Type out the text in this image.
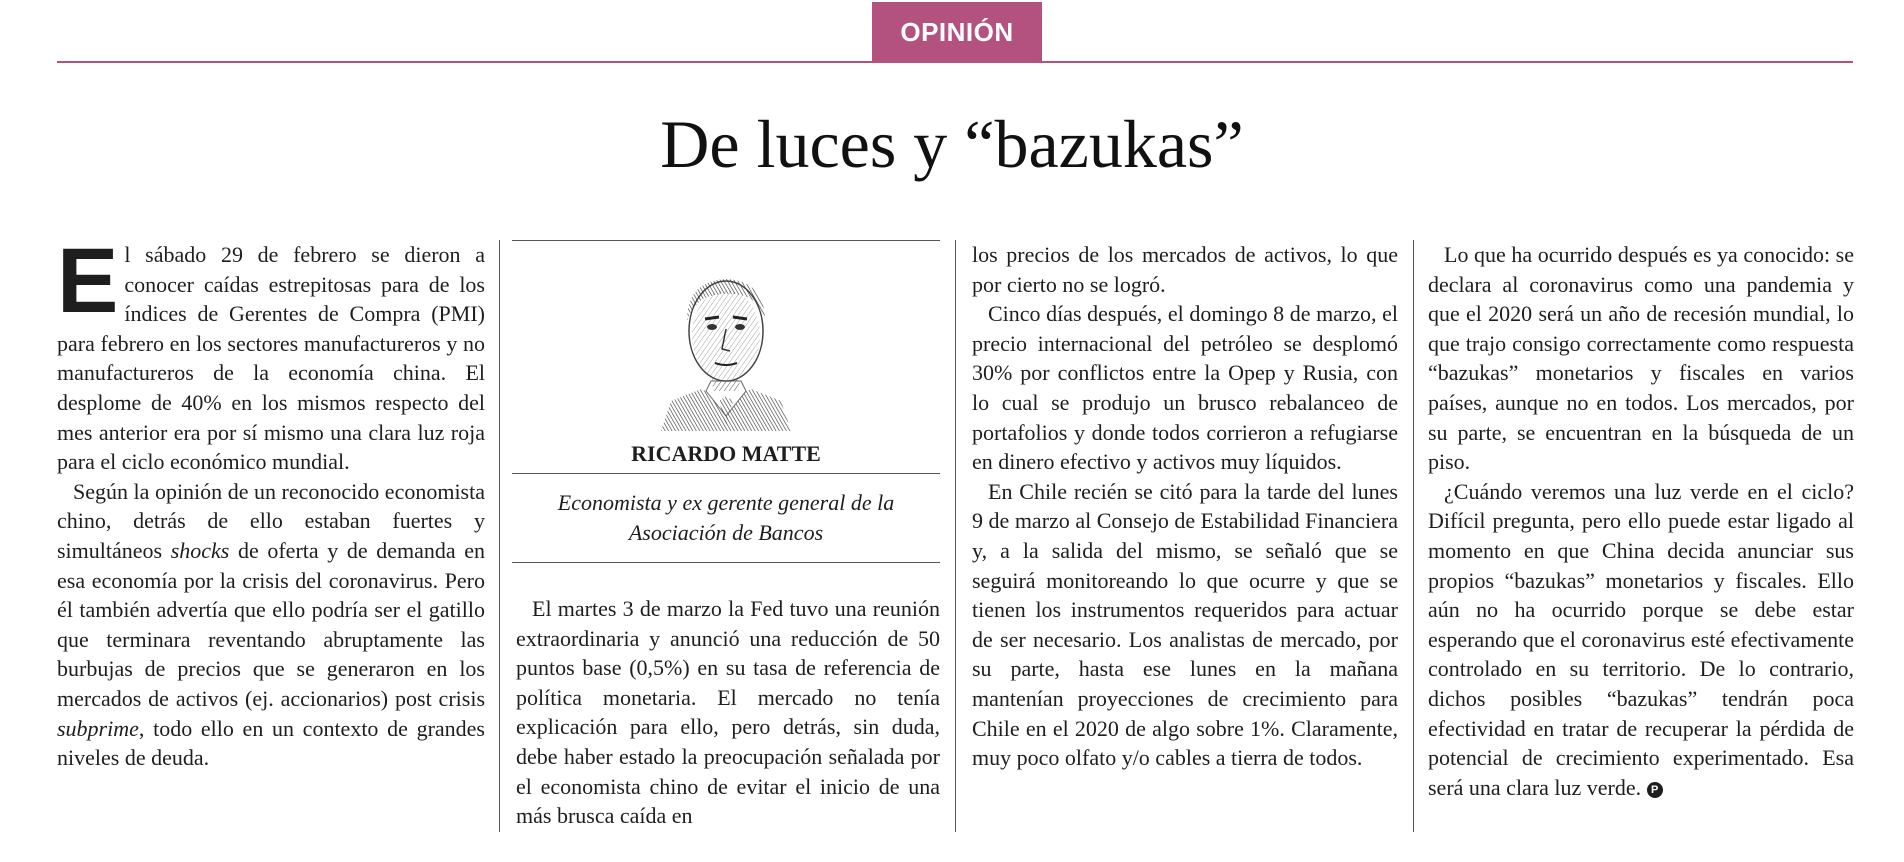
OPINIÓN
De luces y “bazukas”

El sábado 29 de febrero se dieron a conocer caídas estrepitosas para de los índices de Gerentes de Compra (PMI) para febrero en los sectores manufactureros y no manufactureros de la economía china. El desplome de 40% en los mismos respecto del mes anterior era por sí mismo una clara luz roja para el ciclo económico mundial.

Según la opinión de un reconocido economista chino, detrás de ello estaban fuertes y simultáneos shocks de oferta y de demanda en esa economía por la crisis del coronavirus. Pero él también advertía que ello podría ser el gatillo que terminara reventando abruptamente las burbujas de precios que se generaron en los mercados de activos (ej. accionarios) post crisis subprime, todo ello en un contexto de grandes niveles de deuda.

RICARDO MATTE
Economista y ex gerente general de la Asociación de Bancos

El martes 3 de marzo la Fed tuvo una reunión extraordinaria y anunció una reducción de 50 puntos base (0,5%) en su tasa de referencia de política monetaria. El mercado no tenía explicación para ello, pero detrás, sin duda, debe haber estado la preocupación señalada por el economista chino de evitar el inicio de una más brusca caída en

los precios de los mercados de activos, lo que por cierto no se logró.

Cinco días después, el domingo 8 de marzo, el precio internacional del petróleo se desplomó 30% por conflictos entre la Opep y Rusia, con lo cual se produjo un brusco rebalanceo de portafolios y donde todos corrieron a refugiarse en dinero efectivo y activos muy líquidos.

En Chile recién se citó para la tarde del lunes 9 de marzo al Consejo de Estabilidad Financiera y, a la salida del mismo, se señaló que se seguirá monitoreando lo que ocurre y que se tienen los instrumentos requeridos para actuar de ser necesario. Los analistas de mercado, por su parte, hasta ese lunes en la mañana mantenían proyecciones de crecimiento para Chile en el 2020 de algo sobre 1%. Claramente, muy poco olfato y/o cables a tierra de todos.

Lo que ha ocurrido después es ya conocido: se declara al coronavirus como una pandemia y que el 2020 será un año de recesión mundial, lo que trajo consigo correctamente como respuesta “bazukas” monetarios y fiscales en varios países, aunque no en todos. Los mercados, por su parte, se encuentran en la búsqueda de un piso.

¿Cuándo veremos una luz verde en el ciclo? Difícil pregunta, pero ello puede estar ligado al momento en que China decida anunciar sus propios “bazukas” monetarios y fiscales. Ello aún no ha ocurrido porque se debe estar esperando que el coronavirus esté efectivamente controlado en su territorio. De lo contrario, dichos posibles “bazukas” tendrán poca efectividad en tratar de recuperar la pérdida de potencial de crecimiento experimentado. Esa será una clara luz verde. P
